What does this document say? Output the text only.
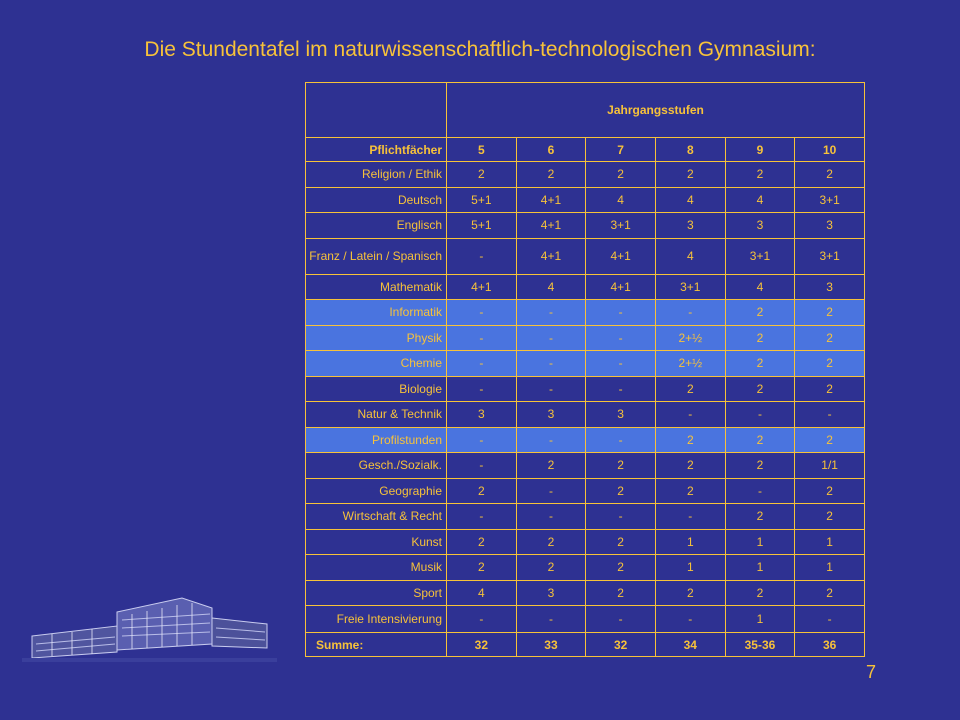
Die Stundentafel im naturwissenschaftlich-technologischen Gymnasium:
	Jahrgangsstufen					
Pflichtfächer	5	6	7	8	9	10
Religion / Ethik	2	2	2	2	2	2
Deutsch	5+1	4+1	4	4	4	3+1
Englisch	5+1	4+1	3+1	3	3	3
Franz / Latein / Spanisch	-	4+1	4+1	4	3+1	3+1
Mathematik	4+1	4	4+1	3+1	4	3
Informatik	-	-	-	-	2	2
Physik	-	-	-	2+½	2	2
Chemie	-	-	-	2+½	2	2
Biologie	-	-	-	2	2	2
Natur & Technik	3	3	3	-	-	-
Profilstunden	-	-	-	2	2	2
Gesch./Sozialk.	-	2	2	2	2	1/1
Geographie	2	-	2	2	-	2
Wirtschaft & Recht	-	-	-	-	2	2
Kunst	2	2	2	1	1	1
Musik	2	2	2	1	1	1
Sport	4	3	2	2	2	2
Freie Intensivierung	-	-	-	-	1	-
Summe:	32	33	32	34	35-36	36
7
